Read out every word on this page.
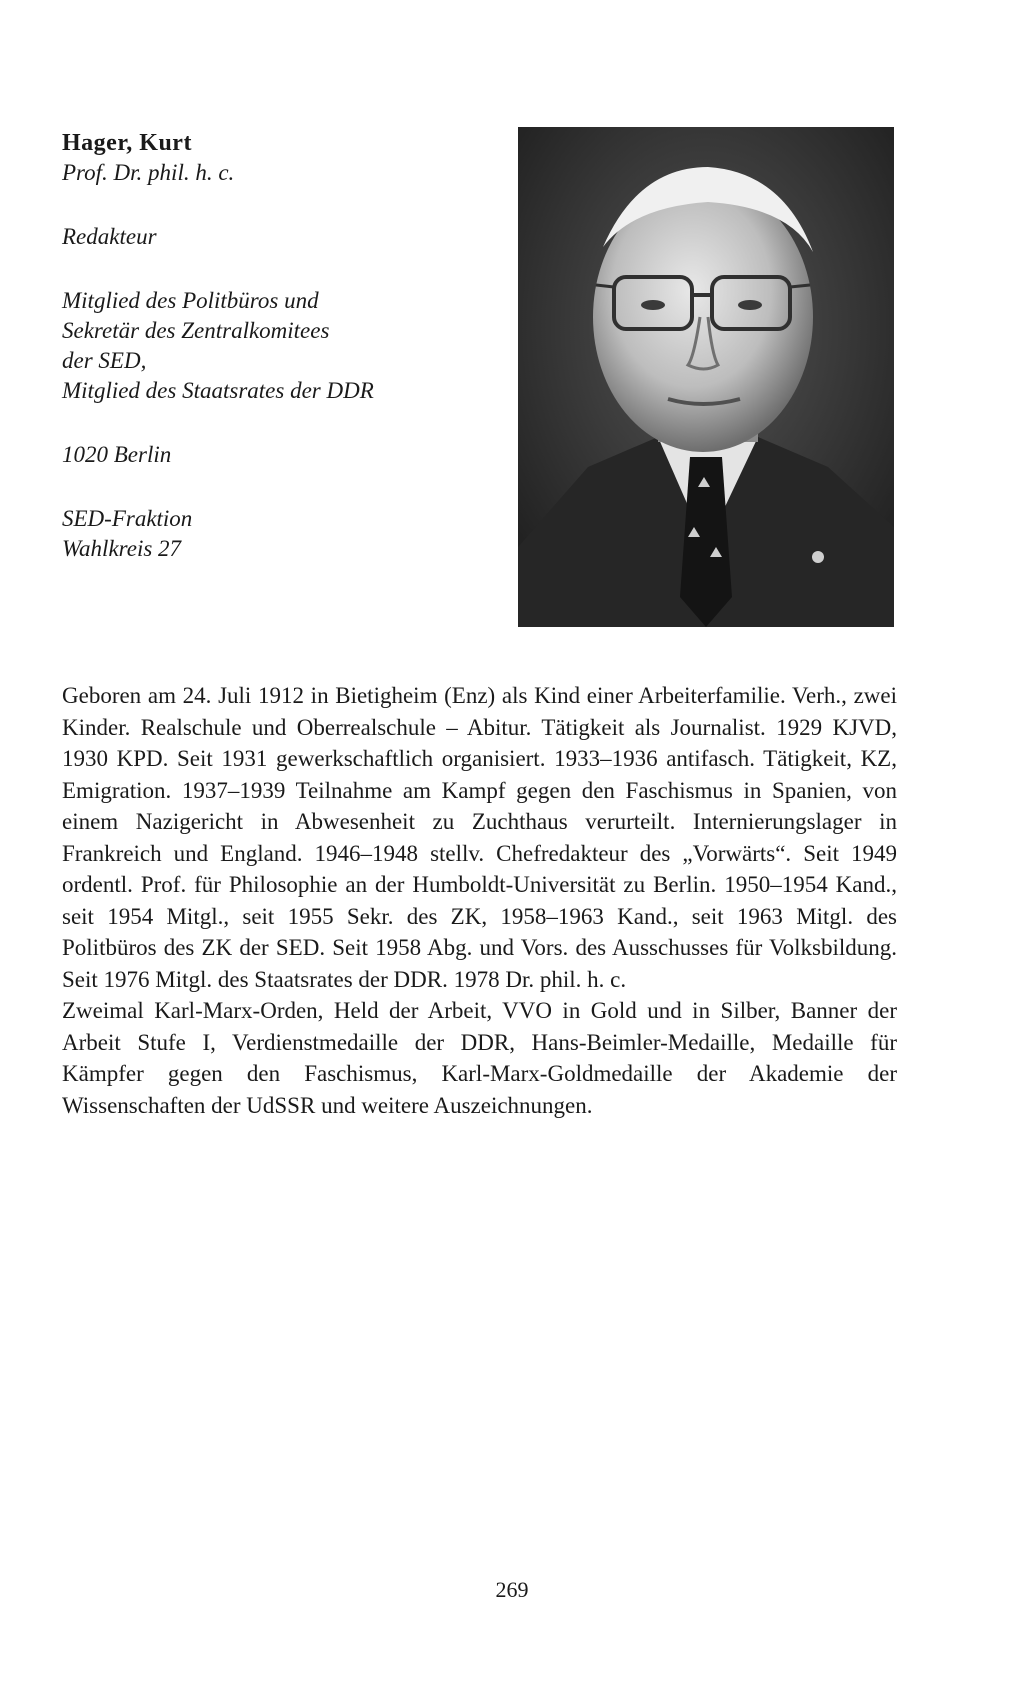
Hager, Kurt

Prof. Dr. phil. h. c.

Redakteur

Mitglied des Politbüros und

Sekretär des Zentralkomitees

der SED,

Mitglied des Staatsrates der DDR

1020 Berlin

SED-Fraktion

Wahlkreis 27

Geboren am 24. Juli 1912 in Bietigheim (Enz) als Kind einer Arbeiterfamilie. Verh., zwei Kinder. Realschule und Oberrealschule – Abitur. Tätigkeit als Journalist. 1929 KJVD, 1930 KPD. Seit 1931 gewerkschaftlich organisiert. 1933–1936 antifasch. Tätigkeit, KZ, Emigration. 1937–1939 Teilnahme am Kampf gegen den Faschismus in Spanien, von einem Nazigericht in Abwesenheit zu Zuchthaus verurteilt. Internierungslager in Frankreich und England. 1946–1948 stellv. Chefredakteur des „Vorwärts“. Seit 1949 ordentl. Prof. für Philosophie an der Humboldt-Universität zu Berlin. 1950–1954 Kand., seit 1954 Mitgl., seit 1955 Sekr. des ZK, 1958–1963 Kand., seit 1963 Mitgl. des Politbüros des ZK der SED. Seit 1958 Abg. und Vors. des Ausschusses für Volksbildung. Seit 1976 Mitgl. des Staatsrates der DDR. 1978 Dr. phil. h. c.

Zweimal Karl-Marx-Orden, Held der Arbeit, VVO in Gold und in Silber, Banner der Arbeit Stufe I, Verdienstmedaille der DDR, Hans-Beimler-Medaille, Medaille für Kämpfer gegen den Faschismus, Karl-Marx-Goldmedaille der Akademie der Wissenschaften der UdSSR und weitere Auszeichnungen.

269
